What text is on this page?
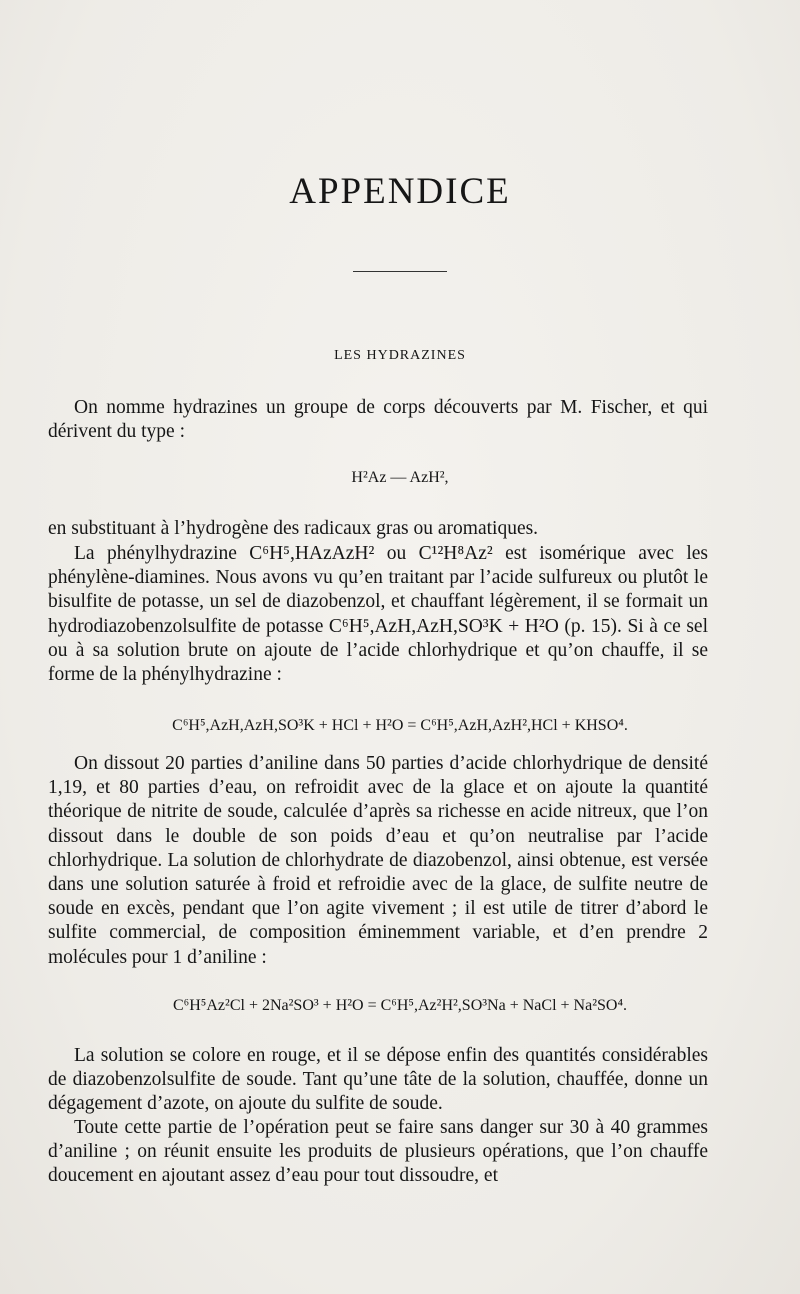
APPENDICE
LES HYDRAZINES
On nomme hydrazines un groupe de corps découverts par M. Fischer, et qui dérivent du type :
H²Az — AzH²,
en substituant à l’hydrogène des radicaux gras ou aromatiques.
La phénylhydrazine C⁶H⁵,HAzAzH² ou C¹²H⁸Az² est isomérique avec les phénylène-diamines. Nous avons vu qu’en traitant par l’acide sulfureux ou plutôt le bisulfite de potasse, un sel de diazobenzol, et chauffant légèrement, il se formait un hydrodiazobenzolsulfite de potasse C⁶H⁵,AzH,AzH,SO³K + H²O (p. 15). Si à ce sel ou à sa solution brute on ajoute de l’acide chlorhydrique et qu’on chauffe, il se forme de la phénylhydrazine :
C⁶H⁵,AzH,AzH,SO³K + HCl + H²O = C⁶H⁵,AzH,AzH²,HCl + KHSO⁴.
On dissout 20 parties d’aniline dans 50 parties d’acide chlorhydrique de densité 1,19, et 80 parties d’eau, on refroidit avec de la glace et on ajoute la quantité théorique de nitrite de soude, calculée d’après sa richesse en acide nitreux, que l’on dissout dans le double de son poids d’eau et qu’on neutralise par l’acide chlorhydrique. La solution de chlorhydrate de diazobenzol, ainsi obtenue, est versée dans une solution saturée à froid et refroidie avec de la glace, de sulfite neutre de soude en excès, pendant que l’on agite vivement ; il est utile de titrer d’abord le sulfite commercial, de composition éminemment variable, et d’en prendre 2 molécules pour 1 d’aniline :
C⁶H⁵Az²Cl + 2Na²SO³ + H²O = C⁶H⁵,Az²H²,SO³Na + NaCl + Na²SO⁴.
La solution se colore en rouge, et il se dépose enfin des quantités considérables de diazobenzolsulfite de soude. Tant qu’une tâte de la solution, chauffée, donne un dégagement d’azote, on ajoute du sulfite de soude.
Toute cette partie de l’opération peut se faire sans danger sur 30 à 40 grammes d’aniline ; on réunit ensuite les produits de plusieurs opérations, que l’on chauffe doucement en ajoutant assez d’eau pour tout dissoudre, et
